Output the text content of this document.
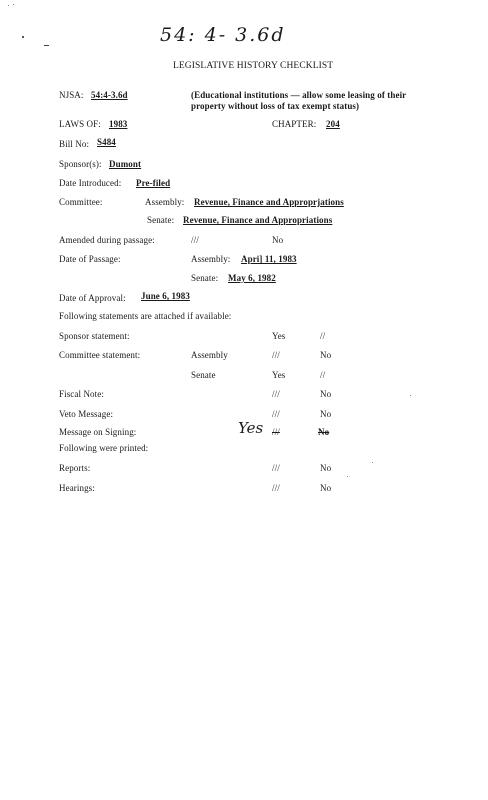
54: 4- 3.6d
LEGISLATIVE HISTORY CHECKLIST
NJSA: 54:4-3.6d	(Educational institutions — allow some leasing of their
property without loss of tax exempt status)
LAWS OF: 1983	CHAPTER: 204
Bill No: S484
Sponsor(s): Dumont
Date Introduced: Pre-filed
Committee:	Assembly: Revenue, Finance and Approprjations
Senate: Revenue, Finance and Appropriations
Amended during passage:	///	No
Date of Passage:	Assembly: Apri] 11, 1983
Senate: May 6, 1982
Date of Approval: June 6, 1983
Following statements are attached if available:
Sponsor statement:	Yes	//
Committee statement:	Assembly	///	No
Senate	Yes	//
Fiscal Note:	///	No
Veto Message:	///	No
Message on Signing:	Yes ///	No
Following were printed:
Reports:	///	No
Hearings:	///	No
